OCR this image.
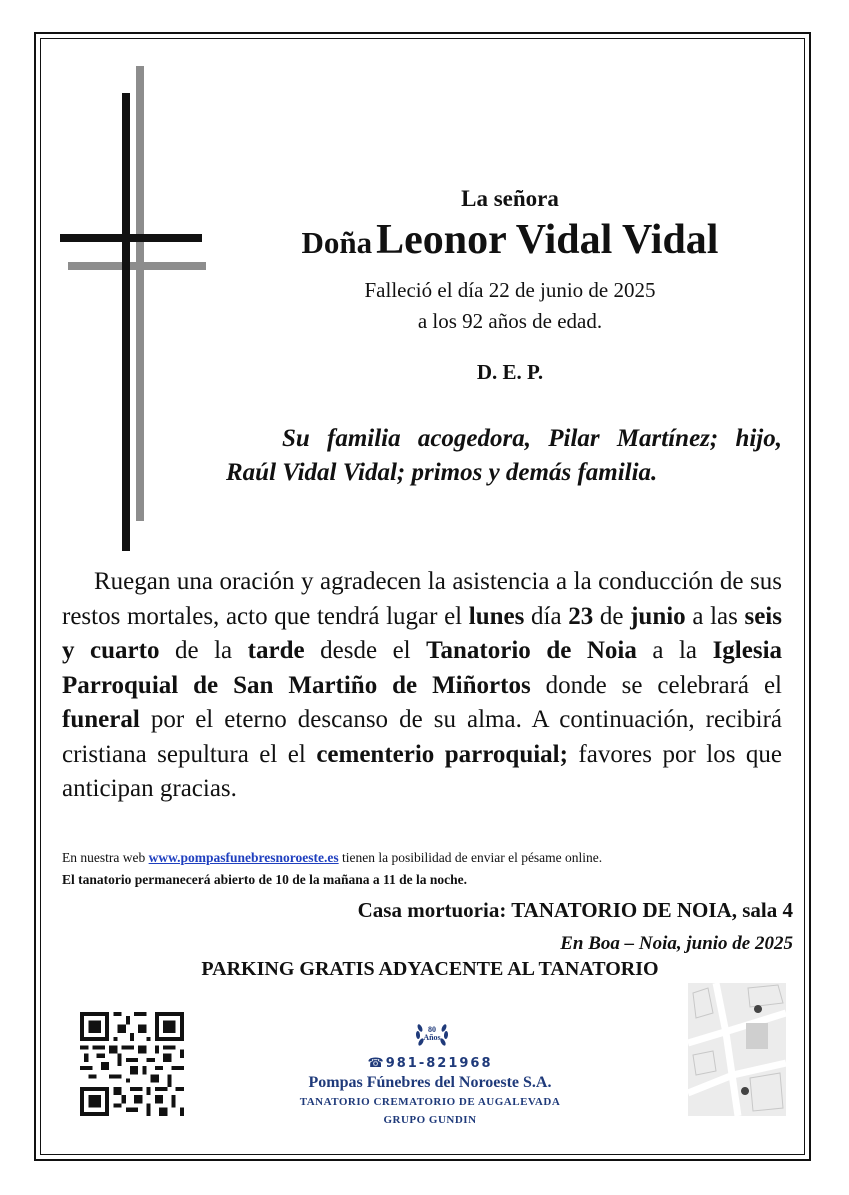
La señora
Doña Leonor Vidal Vidal
Falleció el día 22 de junio de 2025
a los 92 años de edad.
D. E. P.
Su familia acogedora, Pilar Martínez; hijo, Raúl Vidal Vidal; primos y demás familia.
Ruegan una oración y agradecen la asistencia a la conducción de sus restos mortales, acto que tendrá lugar el lunes día 23 de junio a las seis y cuarto de la tarde desde el Tanatorio de Noia a la Iglesia Parroquial de San Martiño de Miñortos donde se celebrará el funeral por el eterno descanso de su alma. A continuación, recibirá cristiana sepultura el el cementerio parroquial; favores por los que anticipan gracias.
En nuestra web www.pompasfunebresnoroeste.es tienen la posibilidad de enviar el pésame online.
El tanatorio permanecerá abierto de 10 de la mañana a 11 de la noche.
Casa mortuoria: TANATORIO DE NOIA, sala 4
En Boa – Noia, junio de 2025
PARKING GRATIS ADYACENTE AL TANATORIO
80
Años
☎981-821968
Pompas Fúnebres del Noroeste S.A.
TANATORIO CREMATORIO DE AUGALEVADA
GRUPO GUNDIN
